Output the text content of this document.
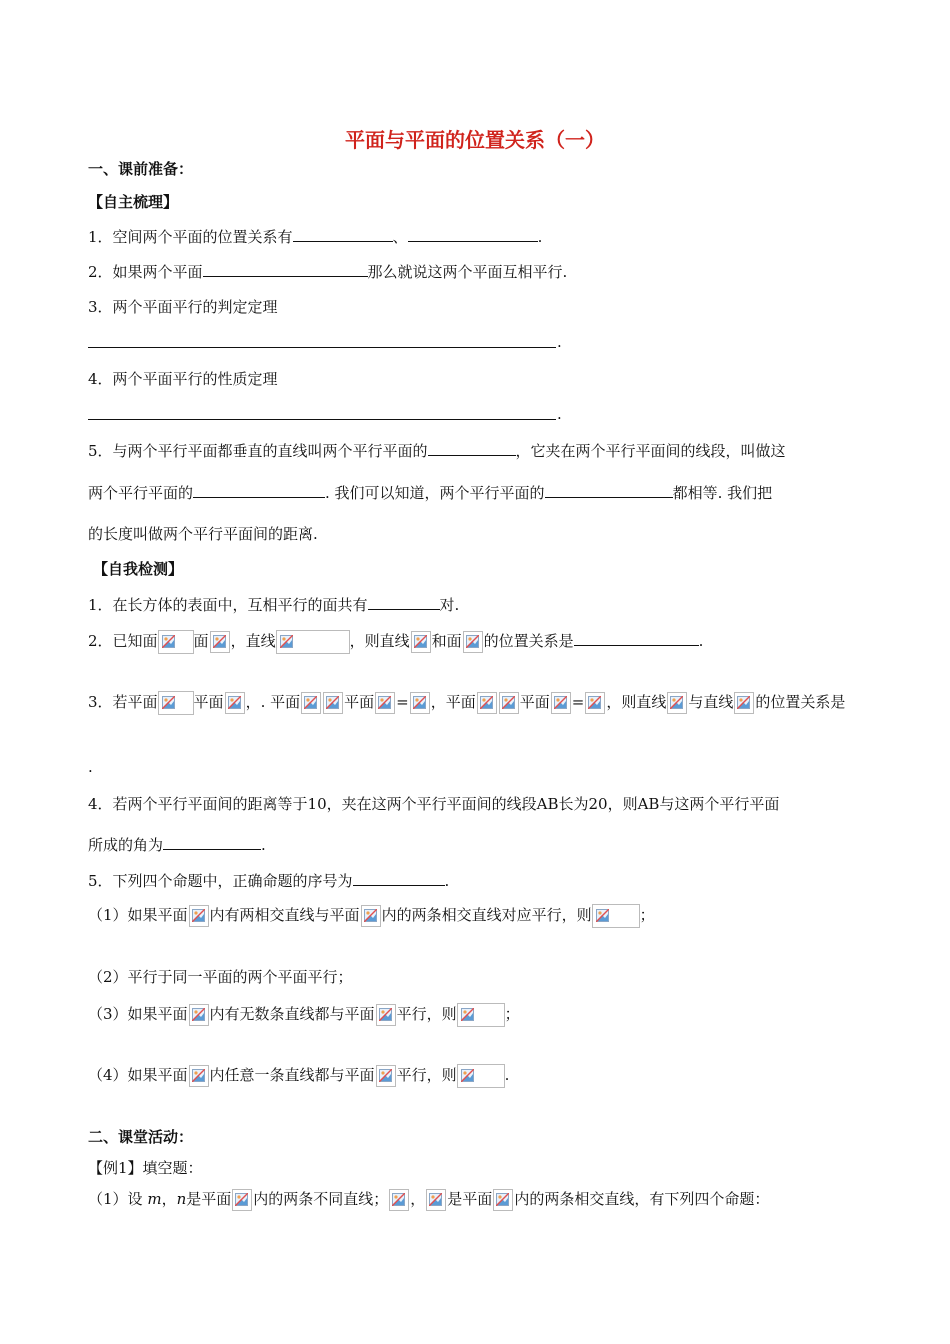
平面与平面的位置关系（一）
一、课前准备：
【自主梳理】
1．空间两个平面的位置关系有	、	.
2．如果两个平面	那么就说这两个平面互相平行.
3．两个平面平行的判定定理
.
4．两个平面平行的性质定理
.
5．与两个平行平面都垂直的直线叫两个平行平面的	，它夹在两个平行平面间的线段，叫做这
两个平行平面的	. 我们可以知道，两个平行平面的	都相等. 我们把
的长度叫做两个平行平面间的距离.
【自我检测】
1．在长方体的表面中，互相平行的面共有	对.
2．已知面 面 ，直线	，则直线 和面 的位置关系是	.
3．若平面 平面 ，. 平面	平面 = ，平面	平面 = ，则直线 与直线 的位置关系是
.
4．若两个平行平面间的距离等于10，夹在这两个平行平面间的线段AB长为20，则AB与这两个平行平面
所成的角为	.
5．下列四个命题中，正确命题的序号为	.
（1）如果平面 内有两相交直线与平面 内的两条相交直线对应平行，则	；
（2）平行于同一平面的两个平面平行；
（3）如果平面 内有无数条直线都与平面 平行，则	；
（4）如果平面 内任意一条直线都与平面 平行，则	.
二、课堂活动：
【例1】填空题：
（1）设 m，n是平面 内的两条不同直线； ， 是平面 内的两条相交直线，有下列四个命题：
